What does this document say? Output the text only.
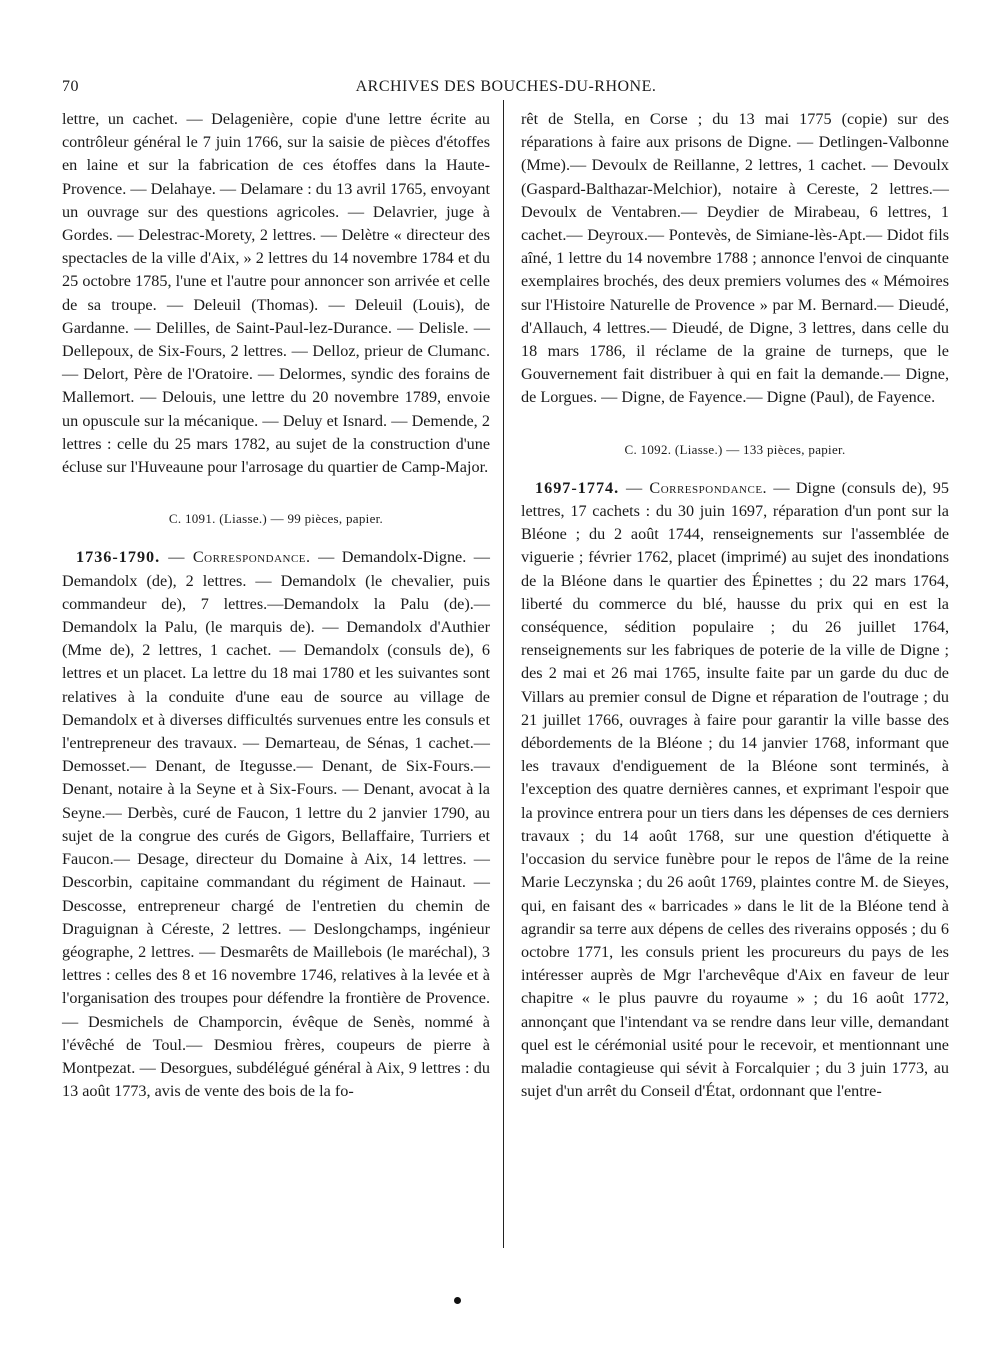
70	ARCHIVES DES BOUCHES-DU-RHONE.

lettre, un cachet. — Delagenière, copie d'une lettre écrite au contrôleur général le 7 juin 1766, sur la saisie de pièces d'étoffes en laine et sur la fabrication de ces étoffes dans la Haute-Provence. — Delahaye. — Delamare : du 13 avril 1765, envoyant un ouvrage sur des questions agricoles. — Delavrier, juge à Gordes. — Delestrac-Morety, 2 lettres. — Delètre « directeur des spectacles de la ville d'Aix, » 2 lettres du 14 novembre 1784 et du 25 octobre 1785, l'une et l'autre pour annoncer son arrivée et celle de sa troupe. — Deleuil (Thomas). — Deleuil (Louis), de Gardanne. — Delilles, de Saint-Paul-lez-Durance. — Delisle. — Dellepoux, de Six-Fours, 2 lettres. — Delloz, prieur de Clumanc. — Delort, Père de l'Oratoire. — Delormes, syndic des forains de Mallemort. — Delouis, une lettre du 20 novembre 1789, envoie un opuscule sur la mécanique. — Deluy et Isnard. — Demende, 2 lettres : celle du 25 mars 1782, au sujet de la construction d'une écluse sur l'Huveaune pour l'arrosage du quartier de Camp-Major.

C. 1091. (Liasse.) — 99 pièces, papier.

1736-1790. — Correspondance. — Demandolx-Digne. — Demandolx (de), 2 lettres. — Demandolx (le chevalier, puis commandeur de), 7 lettres.—Demandolx la Palu (de).— Demandolx la Palu, (le marquis de). — Demandolx d'Authier (Mme de), 2 lettres, 1 cachet. — Demandolx (consuls de), 6 lettres et un placet. La lettre du 18 mai 1780 et les suivantes sont relatives à la conduite d'une eau de source au village de Demandolx et à diverses difficultés survenues entre les consuls et l'entrepreneur des travaux. — Demarteau, de Sénas, 1 cachet.— Demosset.— Denant, de Itegusse.— Denant, de Six-Fours.— Denant, notaire à la Seyne et à Six-Fours. — Denant, avocat à la Seyne.— Derbès, curé de Faucon, 1 lettre du 2 janvier 1790, au sujet de la congrue des curés de Gigors, Bellaffaire, Turriers et Faucon.— Desage, directeur du Domaine à Aix, 14 lettres. — Descorbin, capitaine commandant du régiment de Hainaut. — Descosse, entrepreneur chargé de l'entretien du chemin de Draguignan à Céreste, 2 lettres. — Deslongchamps, ingénieur géographe, 2 lettres. — Desmarêts de Maillebois (le maréchal), 3 lettres : celles des 8 et 16 novembre 1746, relatives à la levée et à l'organisation des troupes pour défendre la frontière de Provence.— Desmichels de Champorcin, évêque de Senès, nommé à l'évêché de Toul.— Desmiou frères, coupeurs de pierre à Montpezat. — Desorgues, subdélégué général à Aix, 9 lettres : du 13 août 1773, avis de vente des bois de la fo-

rêt de Stella, en Corse ; du 13 mai 1775 (copie) sur des réparations à faire aux prisons de Digne. — Detlingen-Valbonne (Mme).— Devoulx de Reillanne, 2 lettres, 1 cachet. — Devoulx (Gaspard-Balthazar-Melchior), notaire à Cereste, 2 lettres.— Devoulx de Ventabren.— Deydier de Mirabeau, 6 lettres, 1 cachet.— Deyroux.— Pontevès, de Simiane-lès-Apt.— Didot fils aîné, 1 lettre du 14 novembre 1788 ; annonce l'envoi de cinquante exemplaires brochés, des deux premiers volumes des « Mémoires sur l'Histoire Naturelle de Provence » par M. Bernard.— Dieudé, d'Allauch, 4 lettres.— Dieudé, de Digne, 3 lettres, dans celle du 18 mars 1786, il réclame de la graine de turneps, que le Gouvernement fait distribuer à qui en fait la demande.— Digne, de Lorgues. — Digne, de Fayence.— Digne (Paul), de Fayence.

C. 1092. (Liasse.) — 133 pièces, papier.

1697-1774. — Correspondance. — Digne (consuls de), 95 lettres, 17 cachets : du 30 juin 1697, réparation d'un pont sur la Bléone ; du 2 août 1744, renseignements sur l'assemblée de viguerie ; février 1762, placet (imprimé) au sujet des inondations de la Bléone dans le quartier des Épinettes ; du 22 mars 1764, liberté du commerce du blé, hausse du prix qui en est la conséquence, sédition populaire ; du 26 juillet 1764, renseignements sur les fabriques de poterie de la ville de Digne ; des 2 mai et 26 mai 1765, insulte faite par un garde du duc de Villars au premier consul de Digne et réparation de l'outrage ; du 21 juillet 1766, ouvrages à faire pour garantir la ville basse des débordements de la Bléone ; du 14 janvier 1768, informant que les travaux d'endiguement de la Bléone sont terminés, à l'exception des quatre dernières cannes, et exprimant l'espoir que la province entrera pour un tiers dans les dépenses de ces derniers travaux ; du 14 août 1768, sur une question d'étiquette à l'occasion du service funèbre pour le repos de l'âme de la reine Marie Leczynska ; du 26 août 1769, plaintes contre M. de Sieyes, qui, en faisant des « barricades » dans le lit de la Bléone tend à agrandir sa terre aux dépens de celles des riverains opposés ; du 6 octobre 1771, les consuls prient les procureurs du pays de les intéresser auprès de Mgr l'archevêque d'Aix en faveur de leur chapitre « le plus pauvre du royaume » ; du 16 août 1772, annonçant que l'intendant va se rendre dans leur ville, demandant quel est le cérémonial usité pour le recevoir, et mentionnant une maladie contagieuse qui sévit à Forcalquier ; du 3 juin 1773, au sujet d'un arrêt du Conseil d'État, ordonnant que l'entre-
